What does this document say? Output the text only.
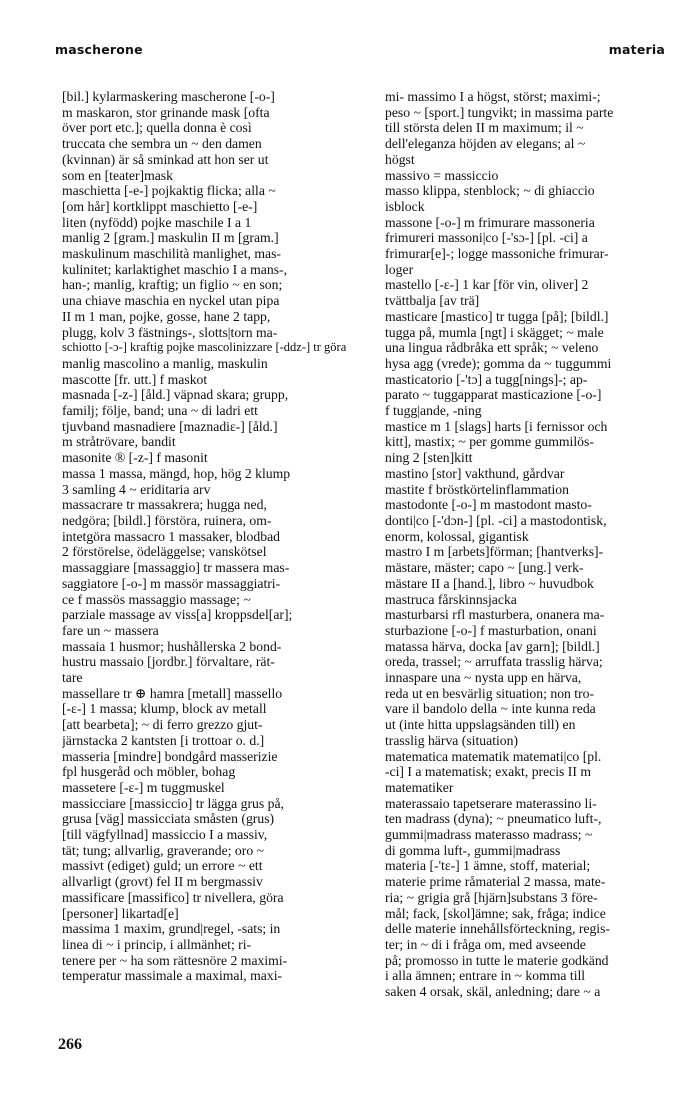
mascherone	materia
[bil.] kylarmaskering mascherone [-o-]
m maskaron, stor grinande mask [ofta
över port etc.]; quella donna è così
truccata che sembra un ~ den damen
(kvinnan) är så sminkad att hon ser ut
som en [teater]mask
maschietta [-e-] pojkaktig flicka; alla ~
[om hår] kortklippt maschietto [-e-]
liten (nyfödd) pojke maschile I a 1
manlig 2 [gram.] maskulin II m [gram.]
maskulinum maschilità manlighet, mas-
kulinitet; karlaktighet maschio I a mans-,
han-; manlig, kraftig; un figlio ~ en son;
una chiave maschia en nyckel utan pipa
II m 1 man, pojke, gosse, hane 2 tapp,
plugg, kolv 3 fästnings-, slotts|torn ma-
schiotto [-ɔ-] kraftig pojke mascolinizzare [-ddz-] tr göra
manlig mascolino a manlig, maskulin
mascotte [fr. utt.] f maskot
masnada [-z-] [åld.] väpnad skara; grupp,
familj; följe, band; una ~ di ladri ett
tjuvband masnadiere [maznadiɛ-] [åld.]
m stråtrövare, bandit
masonite ® [-z-] f masonit
massa 1 massa, mängd, hop, hög 2 klump
3 samling 4 ~ eriditaria arv
massacrare tr massakrera; hugga ned,
nedgöra; [bildl.] förstöra, ruinera, om-
intetgöra massacro 1 massaker, blodbad
2 förstörelse, ödeläggelse; vanskötsel
massaggiare [massaggio] tr massera mas-
saggiatore [-o-] m massör massaggiatri-
ce f massös massaggio massage; ~
parziale massage av viss[a] kroppsdel[ar];
fare un ~ massera
massaia 1 husmor; hushållerska 2 bond-
hustru massaio [jordbr.] förvaltare, rät-
tare
massellare tr ⊕ hamra [metall] massello
[-ɛ-] 1 massa; klump, block av metall
[att bearbeta]; ~ di ferro grezzo gjut-
järnstacka 2 kantsten [i trottoar o. d.]
masseria [mindre] bondgård masserizie
fpl husgeråd och möbler, bohag
massetere [-ɛ-] m tuggmuskel
massicciare [massiccio] tr lägga grus på,
grusa [väg] massicciata småsten (grus)
[till vägfyllnad] massiccio I a massiv,
tät; tung; allvarlig, graverande; oro ~
massivt (ediget) guld; un errore ~ ett
allvarligt (grovt) fel II m bergmassiv
massificare [massifico] tr nivellera, göra
[personer] likartad[e]
massima 1 maxim, grund|regel, -sats; in
linea di ~ i princip, i allmänhet; ri-
tenere per ~ ha som rättesnöre 2 maximi-
temperatur massimale a maximal, maxi-
mi- massimo I a högst, störst; maximi-;
peso ~ [sport.] tungvikt; in massima parte
till största delen II m maximum; il ~
dell'eleganza höjden av elegans; al ~
högst
massivo = massiccio
masso klippa, stenblock; ~ di ghiaccio
isblock
massone [-o-] m frimurare massoneria
frimureri massoni|co [-'sɔ-] [pl. -ci] a
frimurar[e]-; logge massoniche frimurar-
loger
mastello [-ɛ-] 1 kar [för vin, oliver] 2
tvättbalja [av trä]
masticare [mastico] tr tugga [på]; [bildl.]
tugga på, mumla [ngt] i skägget; ~ male
una lingua rådbråka ett språk; ~ veleno
hysa agg (vrede); gomma da ~ tuggummi
masticatorio [-'tɔ] a tugg[nings]-; ap-
parato ~ tuggapparat masticazione [-o-]
f tugg|ande, -ning
mastice m 1 [slags] harts [i fernissor och
kitt], mastix; ~ per gomme gummilös-
ning 2 [sten]kitt
mastino [stor] vakthund, gårdvar
mastite f bröstkörtelinflammation
mastodonte [-o-] m mastodont masto-
donti|co [-'dɔn-] [pl. -ci] a mastodontisk,
enorm, kolossal, gigantisk
mastro I m [arbets]förman; [hantverks]-
mästare, mäster; capo ~ [ung.] verk-
mästare II a [hand.], libro ~ huvudbok
mastruca fårskinnsjacka
masturbarsi rfl masturbera, onanera ma-
sturbazione [-o-] f masturbation, onani
matassa härva, docka [av garn]; [bildl.]
oreda, trassel; ~ arruffata trasslig härva;
innaspare una ~ nysta upp en härva,
reda ut en besvärlig situation; non tro-
vare il bandolo della ~ inte kunna reda
ut (inte hitta uppslagsänden till) en
trasslig härva (situation)
matematica matematik matemati|co [pl.
-ci] I a matematisk; exakt, precis II m
matematiker
materassaio tapetserare materassino li-
ten madrass (dyna); ~ pneumatico luft-,
gummi|madrass materasso madrass; ~
di gomma luft-, gummi|madrass
materia [-'tɛ-] 1 ämne, stoff, material;
materie prime råmaterial 2 massa, mate-
ria; ~ grigia grå [hjärn]substans 3 före-
mål; fack, [skol]ämne; sak, fråga; indice
delle materie innehållsförteckning, regis-
ter; in ~ di i fråga om, med avseende
på; promosso in tutte le materie godkänd
i alla ämnen; entrare in ~ komma till
saken 4 orsak, skäl, anledning; dare ~ a
266
